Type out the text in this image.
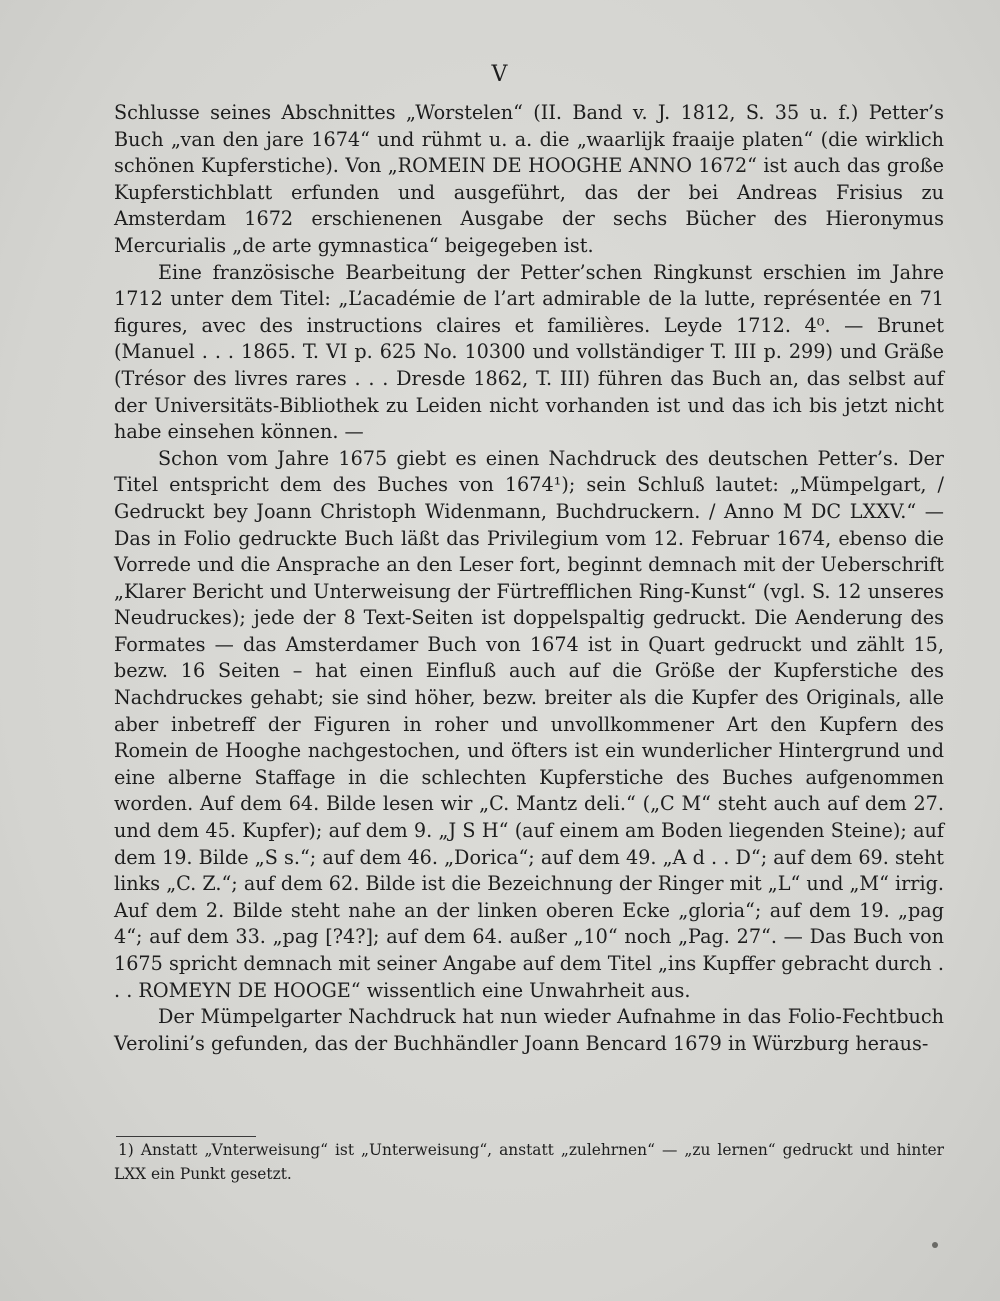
V

Schlusse seines Abschnittes „Worstelen“ (II. Band v. J. 1812, S. 35 u. f.) Petter’s Buch „van den jare 1674“ und rühmt u. a. die „waarlijk fraaije platen“ (die wirklich schönen Kupferstiche). Von „ROMEIN DE HOOGHE ANNO 1672“ ist auch das große Kupferstichblatt erfunden und ausgeführt, das der bei Andreas Frisius zu Amsterdam 1672 erschienenen Ausgabe der sechs Bücher des Hieronymus Mercurialis „de arte gymnastica“ beigegeben ist.

Eine französische Bearbeitung der Petter’schen Ringkunst erschien im Jahre 1712 unter dem Titel: „L’académie de l’art admirable de la lutte, représentée en 71 figures, avec des instructions claires et familières. Leyde 1712. 4⁰. — Brunet (Manuel . . . 1865. T. VI p. 625 No. 10300 und vollständiger T. III p. 299) und Gräße (Trésor des livres rares . . . Dresde 1862, T. III) führen das Buch an, das selbst auf der Universitäts-Bibliothek zu Leiden nicht vorhanden ist und das ich bis jetzt nicht habe einsehen können. —

Schon vom Jahre 1675 giebt es einen Nachdruck des deutschen Petter’s. Der Titel entspricht dem des Buches von 1674¹); sein Schluß lautet: „Mümpelgart, / Gedruckt bey Joann Christoph Widenmann, Buchdruckern. / Anno M DC LXXV.“ — Das in Folio gedruckte Buch läßt das Privilegium vom 12. Februar 1674, ebenso die Vorrede und die Ansprache an den Leser fort, beginnt demnach mit der Ueberschrift „Klarer Bericht und Unterweisung der Fürtrefflichen Ring-Kunst“ (vgl. S. 12 unseres Neudruckes); jede der 8 Text-Seiten ist doppelspaltig gedruckt. Die Aenderung des Formates — das Amsterdamer Buch von 1674 ist in Quart gedruckt und zählt 15, bezw. 16 Seiten – hat einen Einfluß auch auf die Größe der Kupferstiche des Nachdruckes gehabt; sie sind höher, bezw. breiter als die Kupfer des Originals, alle aber inbetreff der Figuren in roher und unvollkommener Art den Kupfern des Romein de Hooghe nachgestochen, und öfters ist ein wunderlicher Hintergrund und eine alberne Staffage in die schlechten Kupferstiche des Buches aufgenommen worden. Auf dem 64. Bilde lesen wir „C. Mantz deli.“ („C M“ steht auch auf dem 27. und dem 45. Kupfer); auf dem 9. „J S H“ (auf einem am Boden liegenden Steine); auf dem 19. Bilde „S s.“; auf dem 46. „Dorica“; auf dem 49. „A d . . D“; auf dem 69. steht links „C. Z.“; auf dem 62. Bilde ist die Bezeichnung der Ringer mit „L“ und „M“ irrig. Auf dem 2. Bilde steht nahe an der linken oberen Ecke „gloria“; auf dem 19. „pag 4“; auf dem 33. „pag [?4?]; auf dem 64. außer „10“ noch „Pag. 27“. — Das Buch von 1675 spricht demnach mit seiner Angabe auf dem Titel „ins Kupffer gebracht durch . . . ROMEYN DE HOOGE“ wissentlich eine Unwahrheit aus.

Der Mümpelgarter Nachdruck hat nun wieder Aufnahme in das Folio-Fechtbuch Verolini’s gefunden, das der Buchhändler Joann Bencard 1679 in Würzburg heraus-

1) Anstatt „Vnterweisung“ ist „Unterweisung“, anstatt „zulehrnen“ — „zu lernen“ gedruckt und hinter LXX ein Punkt gesetzt.
